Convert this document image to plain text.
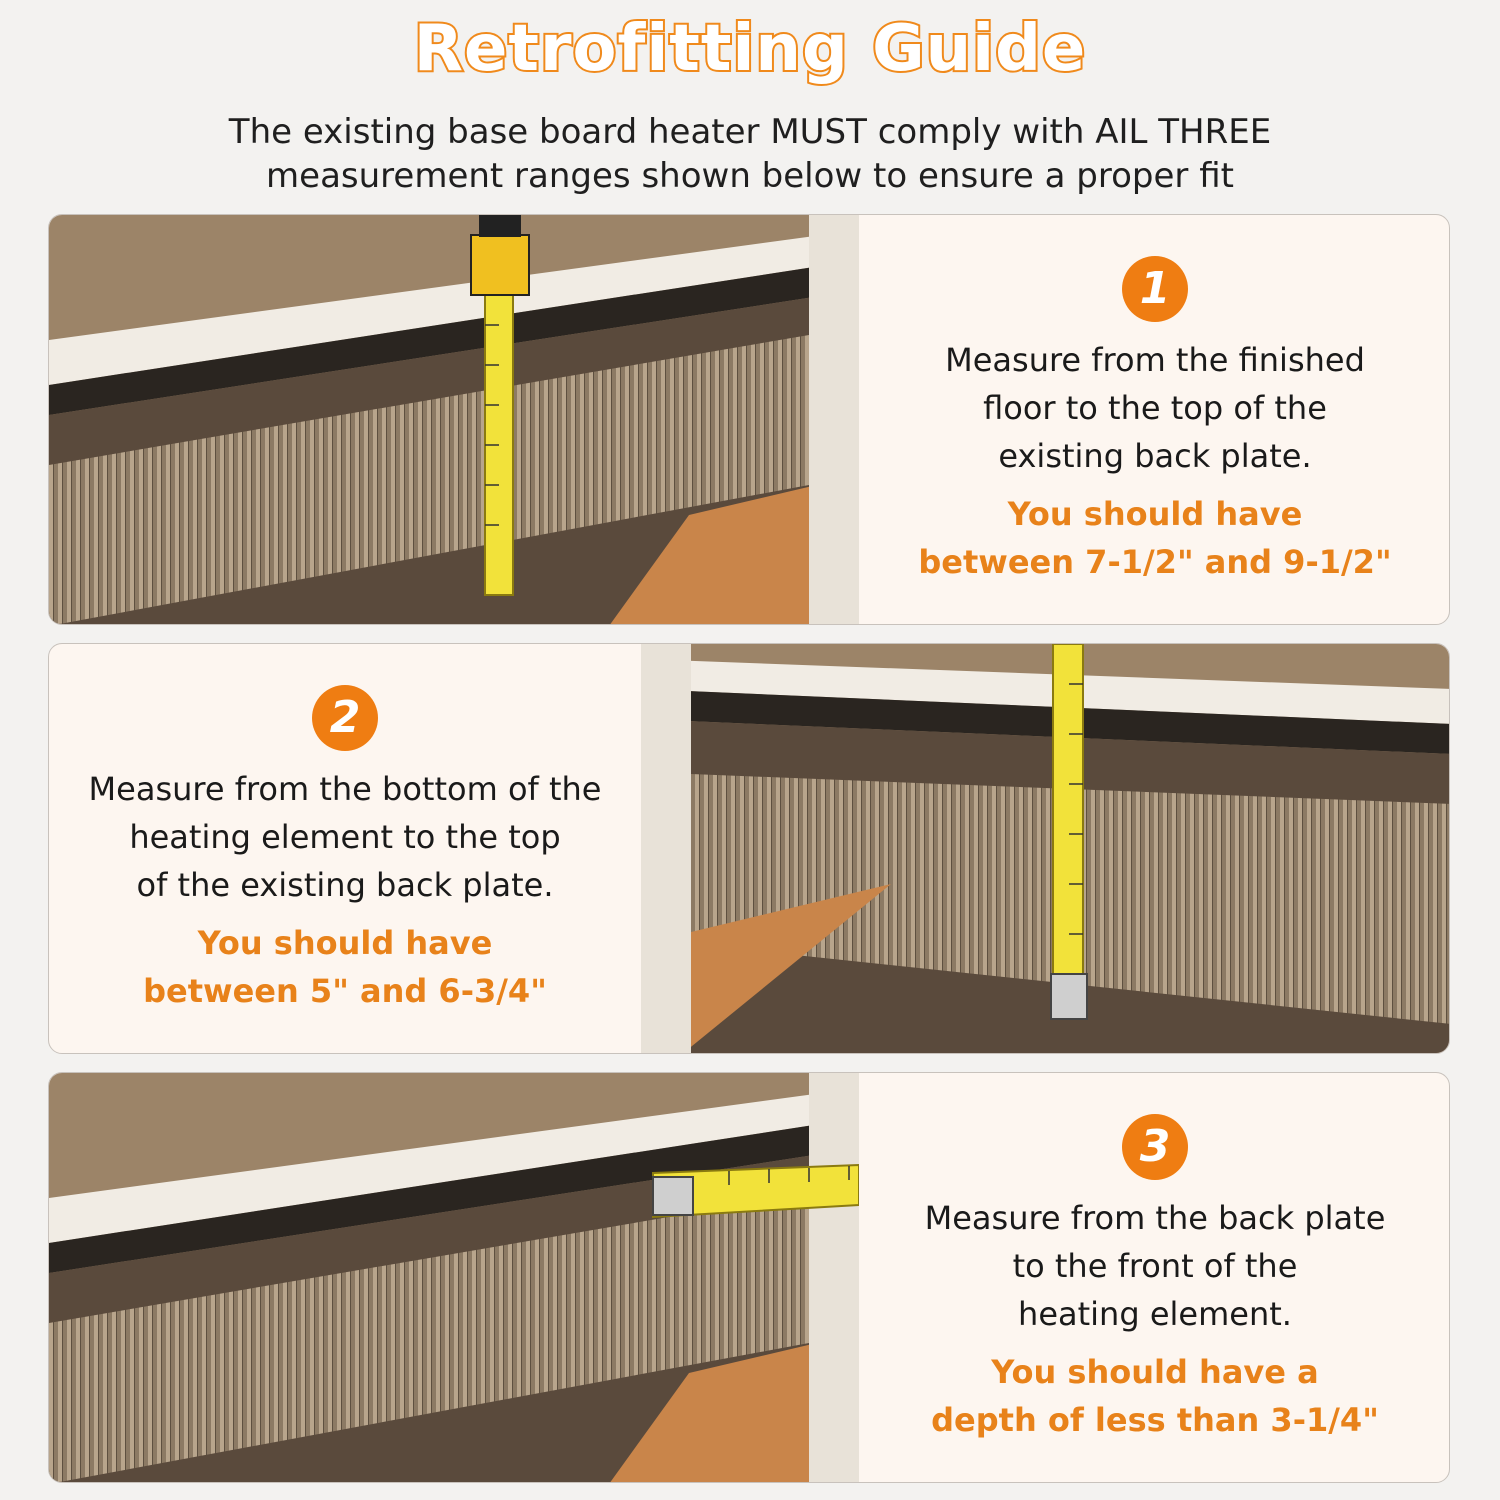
Retrofitting Guide
The existing base board heater MUST comply with AIL THREE
measurement ranges shown below to ensure a proper fit
1
Measure from the finished
floor to the top of the
existing back plate.
You should have
between 7-1/2" and 9-1/2"
2
Measure from the bottom of the
heating element to the top
of the existing back plate.
You should have
between 5" and 6-3/4"
3
Measure from the back plate
to the front of the
heating element.
You should have a
depth of less than 3-1/4"
